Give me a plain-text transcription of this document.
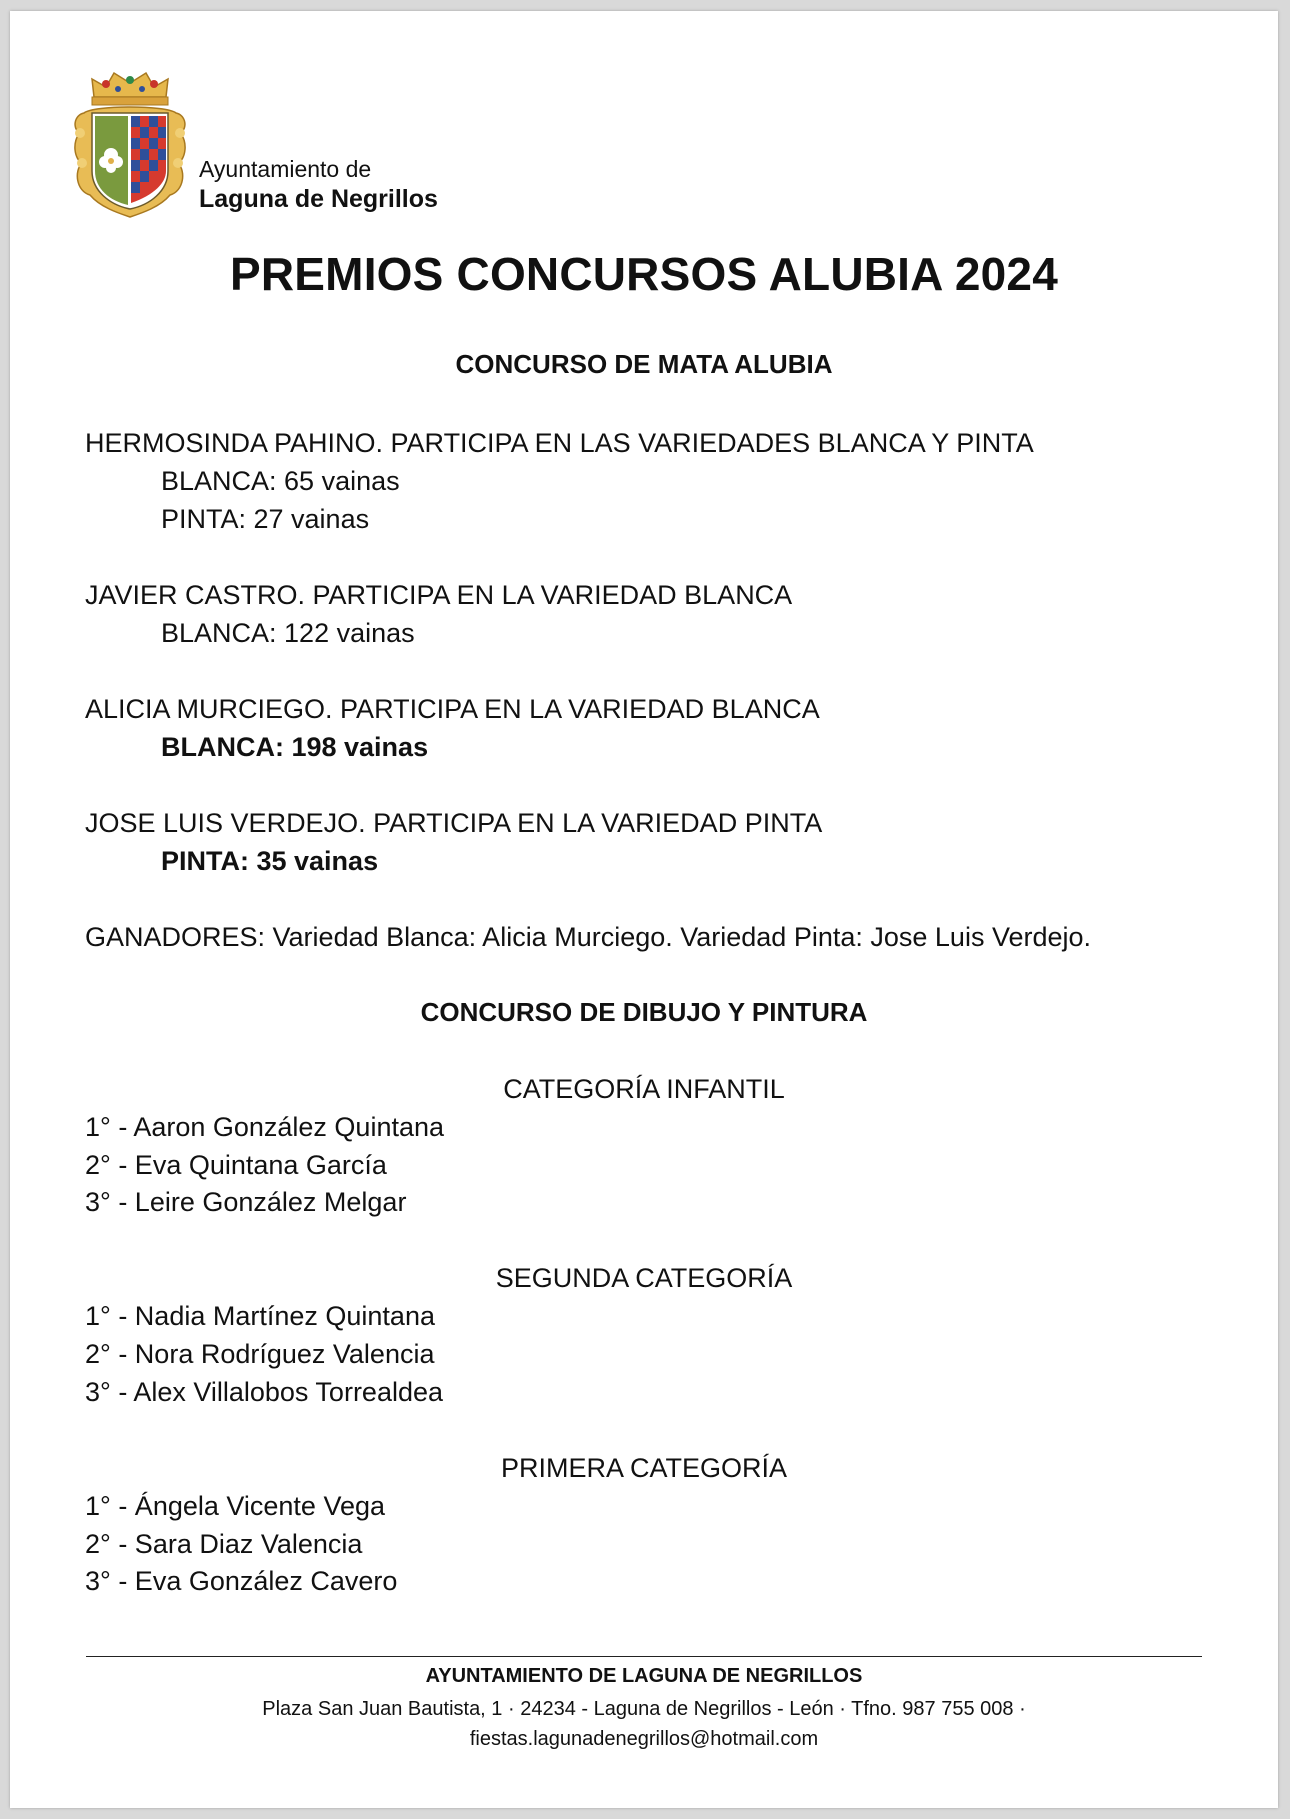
Ayuntamiento de
Laguna de Negrillos
PREMIOS CONCURSOS ALUBIA 2024
CONCURSO DE MATA ALUBIA
HERMOSINDA PAHINO. PARTICIPA EN LAS VARIEDADES BLANCA Y PINTA
BLANCA: 65 vainas
PINTA: 27 vainas
JAVIER CASTRO. PARTICIPA EN LA VARIEDAD BLANCA
BLANCA: 122 vainas
ALICIA MURCIEGO. PARTICIPA EN LA VARIEDAD BLANCA
BLANCA: 198 vainas
JOSE LUIS VERDEJO. PARTICIPA EN LA VARIEDAD PINTA
PINTA: 35 vainas
GANADORES: Variedad Blanca: Alicia Murciego. Variedad Pinta: Jose Luis Verdejo.
CONCURSO DE DIBUJO Y PINTURA
CATEGORÍA INFANTIL
1° - Aaron González Quintana
2° - Eva Quintana García
3° - Leire González Melgar
SEGUNDA CATEGORÍA
1° - Nadia Martínez Quintana
2° - Nora Rodríguez Valencia
3° - Alex Villalobos Torrealdea
PRIMERA CATEGORÍA
1° - Ángela Vicente Vega
2° - Sara Diaz Valencia
3° - Eva González Cavero
AYUNTAMIENTO DE LAGUNA DE NEGRILLOS
Plaza San Juan Bautista, 1 · 24234 - Laguna de Negrillos - León · Tfno. 987 755 008 ·
fiestas.lagunadenegrillos@hotmail.com
